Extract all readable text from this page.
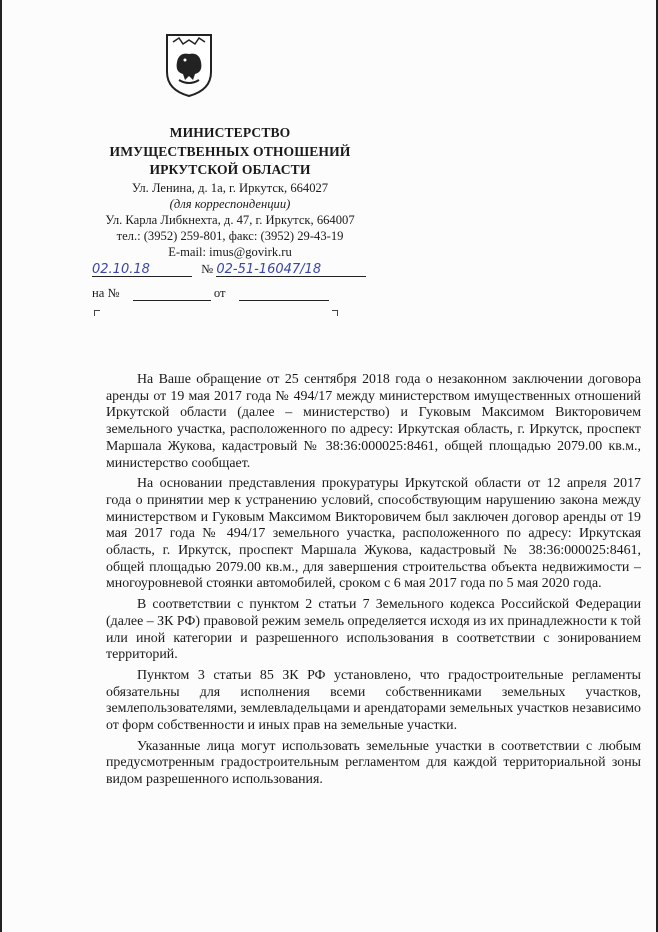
МИНИСТЕРСТВО
ИМУЩЕСТВЕННЫХ ОТНОШЕНИЙ
ИРКУТСКОЙ ОБЛАСТИ
Ул. Ленина, д. 1а, г. Иркутск, 664027
(для корреспонденции)
Ул. Карла Либкнехта, д. 47, г. Иркутск, 664007
тел.: (3952) 259-801, факс: (3952) 29-43-19
E-mail: imus@govirk.ru
02.10.18	№ 02-51-16047/18
на №	от

На Ваше обращение от 25 сентября 2018 года о незаконном заключении договора аренды от 19 мая 2017 года № 494/17 между министерством имущественных отношений Иркутской области (далее – министерство) и Гуковым Максимом Викторовичем земельного участка, расположенного по адресу: Иркутская область, г. Иркутск, проспект Маршала Жукова, кадастровый № 38:36:000025:8461, общей площадью 2079.00 кв.м., министерство сообщает.

На основании представления прокуратуры Иркутской области от 12 апреля 2017 года о принятии мер к устранению условий, способствующим нарушению закона между министерством и Гуковым Максимом Викторовичем был заключен договор аренды от 19 мая 2017 года № 494/17 земельного участка, расположенного по адресу: Иркутская область, г. Иркутск, проспект Маршала Жукова, кадастровый № 38:36:000025:8461, общей площадью 2079.00 кв.м., для завершения строительства объекта недвижимости – многоуровневой стоянки автомобилей, сроком с 6 мая 2017 года по 5 мая 2020 года.

В соответствии с пунктом 2 статьи 7 Земельного кодекса Российской Федерации (далее – ЗК РФ) правовой режим земель определяется исходя из их принадлежности к той или иной категории и разрешенного использования в соответствии с зонированием территорий.

Пунктом 3 статьи 85 ЗК РФ установлено, что градостроительные регламенты обязательны для исполнения всеми собственниками земельных участков, землепользователями, землевладельцами и арендаторами земельных участков независимо от форм собственности и иных прав на земельные участки.

Указанные лица могут использовать земельные участки в соответствии с любым предусмотренным градостроительным регламентом для каждой территориальной зоны видом разрешенного использования.
